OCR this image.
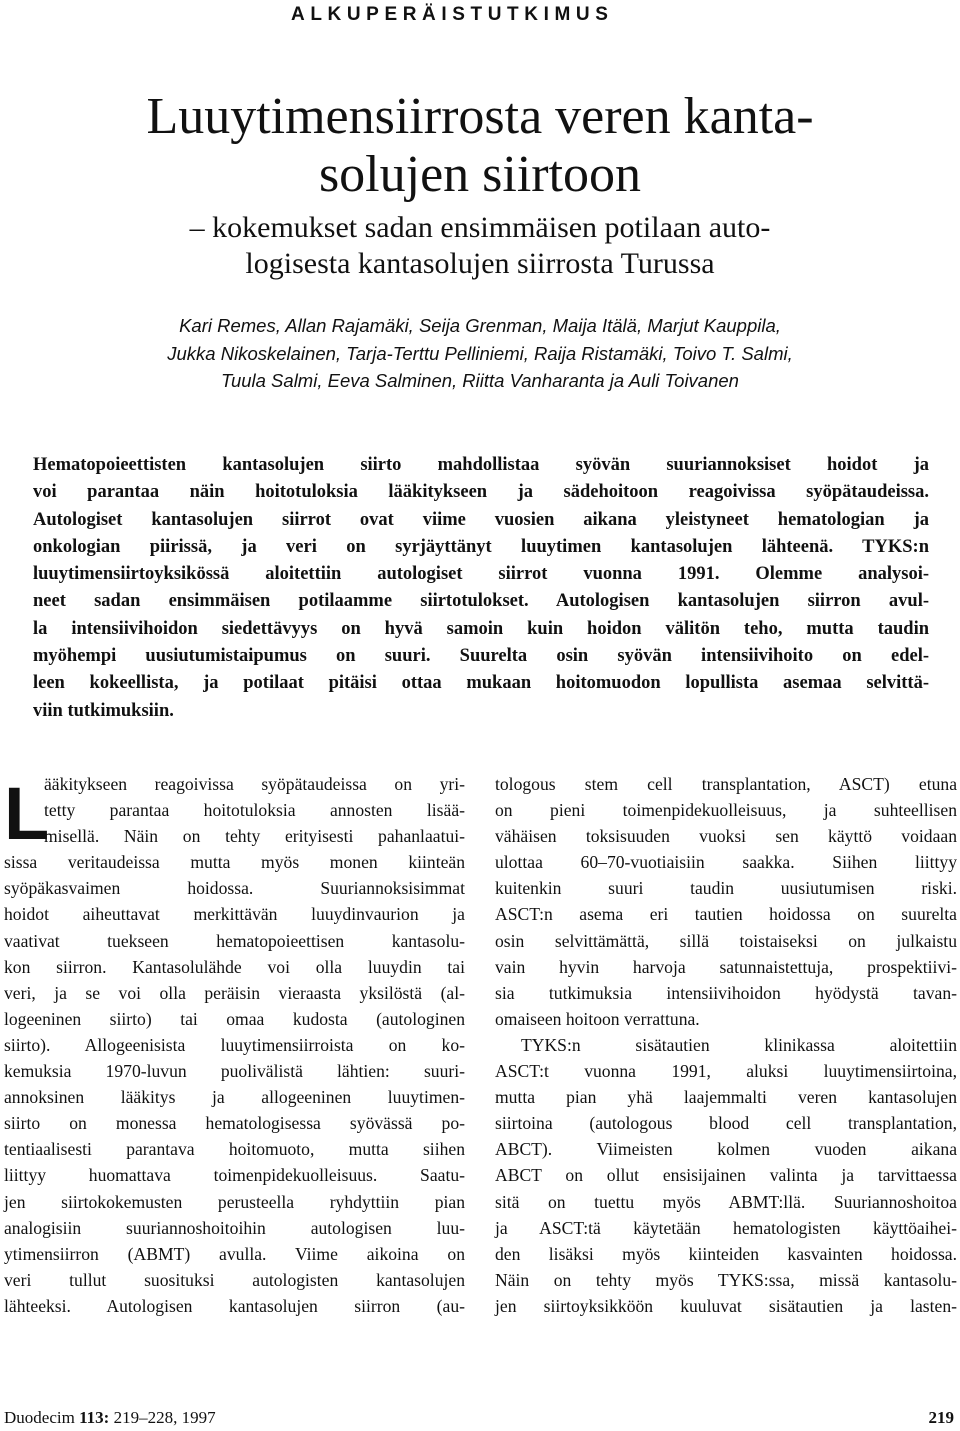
ALKUPERÄISTUTKIMUS
Luuytimensiirrosta veren kanta-
solujen siirtoon
– kokemukset sadan ensimmäisen potilaan auto-
logisesta kantasolujen siirrosta Turussa
Kari Remes, Allan Rajamäki, Seija Grenman, Maija Itälä, Marjut Kauppila,
Jukka Nikoskelainen, Tarja-Terttu Pelliniemi, Raija Ristamäki, Toivo T. Salmi,
Tuula Salmi, Eeva Salminen, Riitta Vanharanta ja Auli Toivanen
Hematopoieettisten kantasolujen siirto mahdollistaa syövän suuriannoksiset hoidot ja
voi parantaa näin hoitotuloksia lääkitykseen ja sädehoitoon reagoivissa syöpätaudeissa.
Autologiset kantasolujen siirrot ovat viime vuosien aikana yleistyneet hematologian ja
onkologian piirissä, ja veri on syrjäyttänyt luuytimen kantasolujen lähteenä. TYKS:n
luuytimensiirtoyksikössä aloitettiin autologiset siirrot vuonna 1991. Olemme analysoi-
neet sadan ensimmäisen potilaamme siirtotulokset. Autologisen kantasolujen siirron avul-
la intensiivihoidon siedettävyys on hyvä samoin kuin hoidon välitön teho, mutta taudin
myöhempi uusiutumistaipumus on suuri. Suurelta osin syövän intensiivihoito on edel-
leen kokeellista, ja potilaat pitäisi ottaa mukaan hoitomuodon lopullista asemaa selvittä-
viin tutkimuksiin.
L
ääkitykseen reagoivissa syöpätaudeissa on yri-
tetty parantaa hoitotuloksia annosten lisää-
misellä. Näin on tehty erityisesti pahanlaatui-
sissa veritaudeissa mutta myös monen kiinteän
syöpäkasvaimen hoidossa. Suuriannoksisimmat
hoidot aiheuttavat merkittävän luuydinvaurion ja
vaativat tuekseen hematopoieettisen kantasolu-
kon siirron. Kantasolulähde voi olla luuydin tai
veri, ja se voi olla peräisin vieraasta yksilöstä (al-
logeeninen siirto) tai omaa kudosta (autologinen
siirto). Allogeenisista luuytimensiirroista on ko-
kemuksia 1970-luvun puolivälistä lähtien: suuri-
annoksinen lääkitys ja allogeeninen luuytimen-
siirto on monessa hematologisessa syövässä po-
tentiaalisesti parantava hoitomuoto, mutta siihen
liittyy huomattava toimenpidekuolleisuus. Saatu-
jen siirtokokemusten perusteella ryhdyttiin pian
analogisiin suuriannoshoitoihin autologisen luu-
ytimensiirron (ABMT) avulla. Viime aikoina on
veri tullut suosituksi autologisten kantasolujen
lähteeksi. Autologisen kantasolujen siirron (au-
tologous stem cell transplantation, ASCT) etuna
on pieni toimenpidekuolleisuus, ja suhteellisen
vähäisen toksisuuden vuoksi sen käyttö voidaan
ulottaa 60–70-vuotiaisiin saakka. Siihen liittyy
kuitenkin suuri taudin uusiutumisen riski.
ASCT:n asema eri tautien hoidossa on suurelta
osin selvittämättä, sillä toistaiseksi on julkaistu
vain hyvin harvoja satunnaistettuja, prospektiivi-
sia tutkimuksia intensiivihoidon hyödystä tavan-
omaiseen hoitoon verrattuna.
TYKS:n sisätautien klinikassa aloitettiin
ASCT:t vuonna 1991, aluksi luuytimensiirtoina,
mutta pian yhä laajemmalti veren kantasolujen
siirtoina (autologous blood cell transplantation,
ABCT). Viimeisten kolmen vuoden aikana
ABCT on ollut ensisijainen valinta ja tarvittaessa
sitä on tuettu myös ABMT:llä. Suuriannoshoitoa
ja ASCT:tä käytetään hematologisten käyttöaihei-
den lisäksi myös kiinteiden kasvainten hoidossa.
Näin on tehty myös TYKS:ssa, missä kantasolu-
jen siirtoyksikköön kuuluvat sisätautien ja lasten-
Duodecim 113: 219–228, 1997	219
